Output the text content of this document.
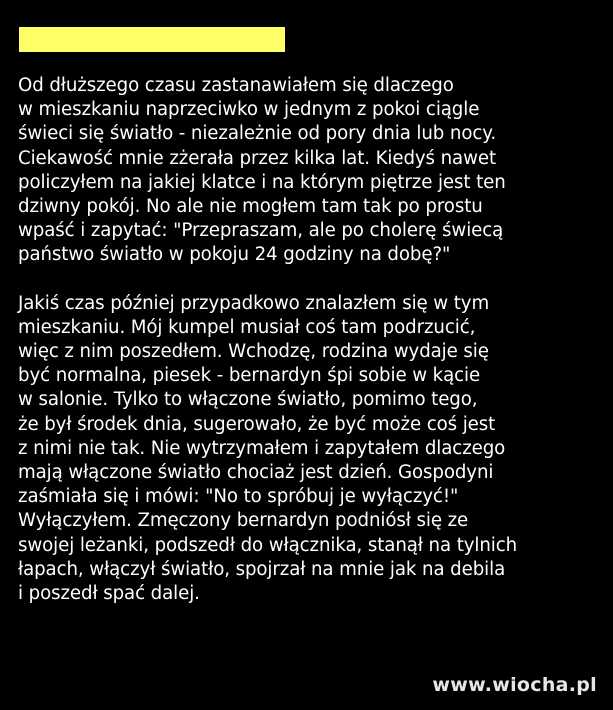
Od dłuższego czasu zastanawiałem się dlaczego
w mieszkaniu naprzeciwko w jednym z pokoi ciągle
świeci się światło - niezależnie od pory dnia lub nocy.
Ciekawość mnie zżerała przez kilka lat. Kiedyś nawet
policzyłem na jakiej klatce i na którym piętrze jest ten
dziwny pokój. No ale nie mogłem tam tak po prostu
wpaść i zapytać: "Przepraszam, ale po cholerę świecą
państwo światło w pokoju 24 godziny na dobę?"
Jakiś czas później przypadkowo znalazłem się w tym
mieszkaniu. Mój kumpel musiał coś tam podrzucić,
więc z nim poszedłem. Wchodzę, rodzina wydaje się
być normalna, piesek - bernardyn śpi sobie w kącie
w salonie. Tylko to włączone światło, pomimo tego,
że był środek dnia, sugerowało, że być może coś jest
z nimi nie tak. Nie wytrzymałem i zapytałem dlaczego
mają włączone światło chociaż jest dzień. Gospodyni
zaśmiała się i mówi: "No to spróbuj je wyłączyć!"
Wyłączyłem. Zmęczony bernardyn podniósł się ze
swojej leżanki, podszedł do włącznika, stanął na tylnich
łapach, włączył światło, spojrzał na mnie jak na debila
i poszedł spać dalej.
www.wiocha.pl
